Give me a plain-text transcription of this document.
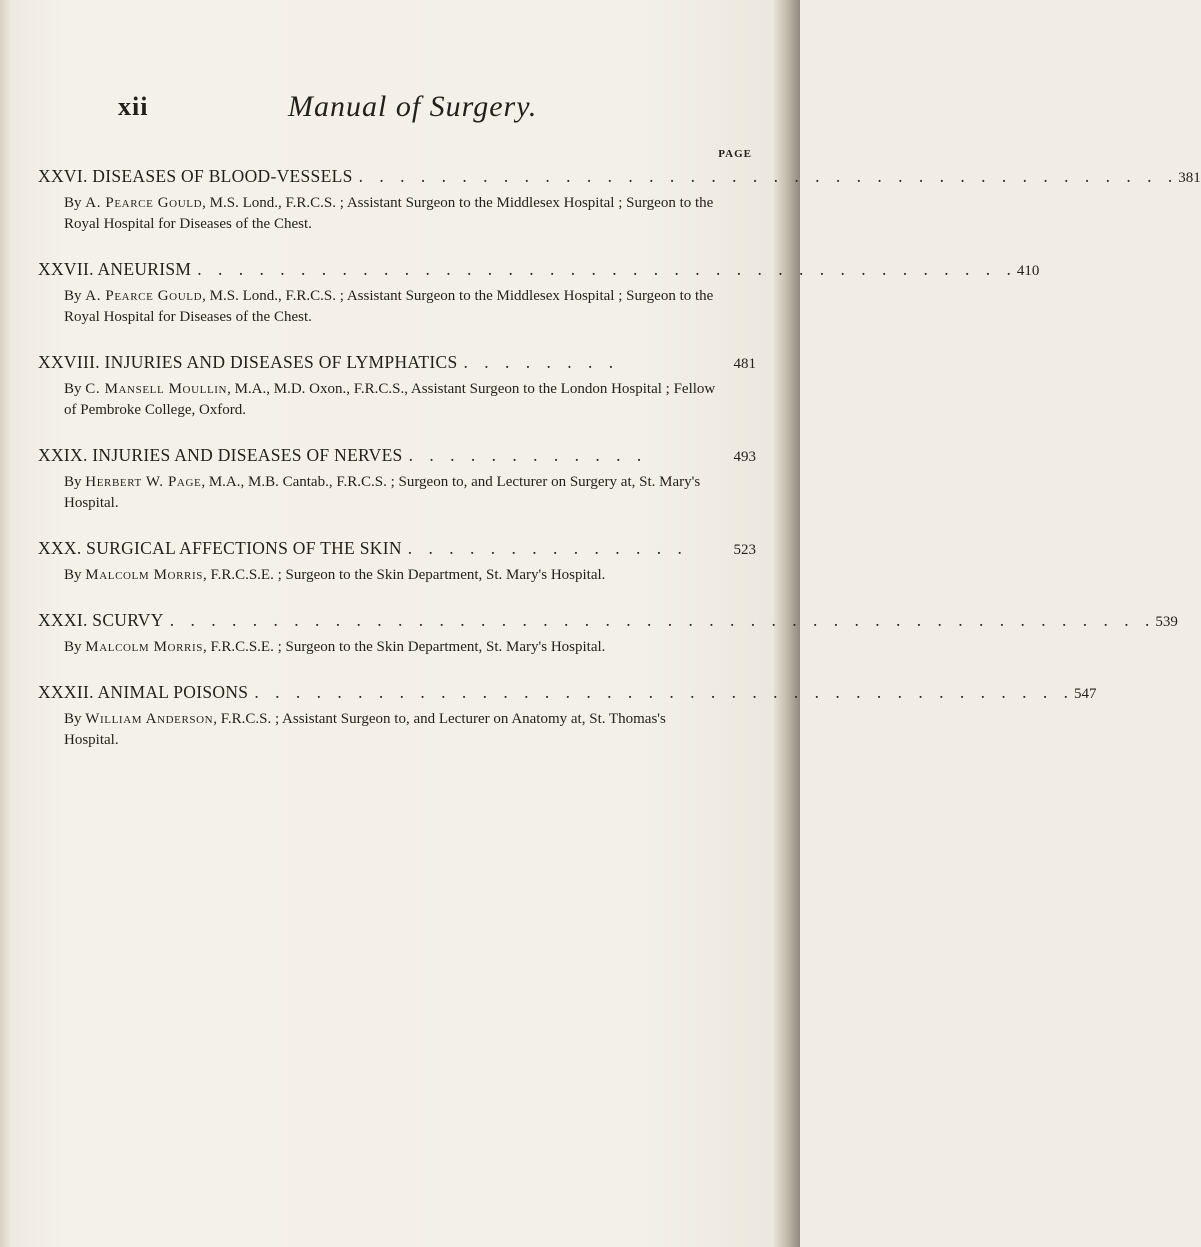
xii	Manual of Surgery.
PAGE
XXVI. DISEASES OF BLOOD-VESSELS . . . . . . . . . . . . . . . . . . . . . . . . . . . . . . . . . . . . . . . . 381
By A. Pearce Gould, M.S. Lond., F.R.C.S. ; Assistant Surgeon to the Middlesex Hospital ; Surgeon to the Royal Hospital for Diseases of the Chest.
XXVII. ANEURISM . . . . . . . . . . . . . . . . . . . . . . . . . . . . . . . . . . . . . . . . 410
By A. Pearce Gould, M.S. Lond., F.R.C.S. ; Assistant Surgeon to the Middlesex Hospital ; Surgeon to the Royal Hospital for Diseases of the Chest.
XXVIII. INJURIES AND DISEASES OF LYMPHATICS . . . . . . . .	481
By C. Mansell Moullin, M.A., M.D. Oxon., F.R.C.S., Assistant Surgeon to the London Hospital ; Fellow of Pembroke College, Oxford.
XXIX. INJURIES AND DISEASES OF NERVES . . . . . . . . . . . .	493
By Herbert W. Page, M.A., M.B. Cantab., F.R.C.S. ; Surgeon to, and Lecturer on Surgery at, St. Mary's Hospital.
XXX. SURGICAL AFFECTIONS OF THE SKIN . . . . . . . . . . . . . .	523
By Malcolm Morris, F.R.C.S.E. ; Surgeon to the Skin Department, St. Mary's Hospital.
XXXI. SCURVY . . . . . . . . . . . . . . . . . . . . . . . . . . . . . . . . . . . . . . . . . . . . . . . . 539
By Malcolm Morris, F.R.C.S.E. ; Surgeon to the Skin Department, St. Mary's Hospital.
XXXII. ANIMAL POISONS . . . . . . . . . . . . . . . . . . . . . . . . . . . . . . . . . . . . . . . . 547
By William Anderson, F.R.C.S. ; Assistant Surgeon to, and Lecturer on Anatomy at, St. Thomas's Hospital.
